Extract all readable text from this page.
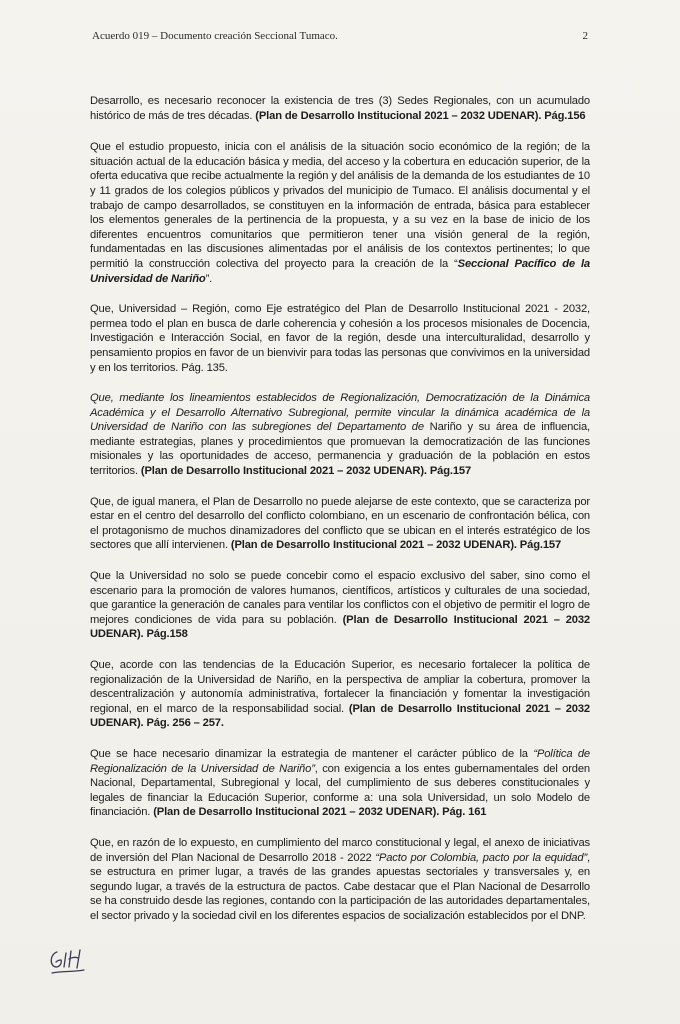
Acuerdo 019 – Documento creación Seccional Tumaco.	2

Desarrollo, es necesario reconocer la existencia de tres (3) Sedes Regionales, con un acumulado histórico de más de tres décadas. (Plan de Desarrollo Institucional 2021 – 2032 UDENAR). Pág.156

Que el estudio propuesto, inicia con el análisis de la situación socio económico de la región; de la situación actual de la educación básica y media, del acceso y la cobertura en educación superior, de la oferta educativa que recibe actualmente la región y del análisis de la demanda de los estudiantes de 10 y 11 grados de los colegios públicos y privados del municipio de Tumaco. El análisis documental y el trabajo de campo desarrollados, se constituyen en la información de entrada, básica para establecer los elementos generales de la pertinencia de la propuesta, y a su vez en la base de inicio de los diferentes encuentros comunitarios que permitieron tener una visión general de la región, fundamentadas en las discusiones alimentadas por el análisis de los contextos pertinentes; lo que permitió la construcción colectiva del proyecto para la creación de la “Seccional Pacífico de la Universidad de Nariño”.

Que, Universidad – Región, como Eje estratégico del Plan de Desarrollo Institucional 2021 - 2032, permea todo el plan en busca de darle coherencia y cohesión a los procesos misionales de Docencia, Investigación e Interacción Social, en favor de la región, desde una interculturalidad, desarrollo y pensamiento propios en favor de un bienvivir para todas las personas que convivimos en la universidad y en los territorios. Pág. 135.

Que, mediante los lineamientos establecidos de Regionalización, Democratización de la Dinámica Académica y el Desarrollo Alternativo Subregional, permite vincular la dinámica académica de la Universidad de Nariño con las subregiones del Departamento de Nariño y su área de influencia, mediante estrategias, planes y procedimientos que promuevan la democratización de las funciones misionales y las oportunidades de acceso, permanencia y graduación de la población en estos territorios. (Plan de Desarrollo Institucional 2021 – 2032 UDENAR). Pág.157

Que, de igual manera, el Plan de Desarrollo no puede alejarse de este contexto, que se caracteriza por estar en el centro del desarrollo del conflicto colombiano, en un escenario de confrontación bélica, con el protagonismo de muchos dinamizadores del conflicto que se ubican en el interés estratégico de los sectores que allí intervienen. (Plan de Desarrollo Institucional 2021 – 2032 UDENAR). Pág.157

Que la Universidad no solo se puede concebir como el espacio exclusivo del saber, sino como el escenario para la promoción de valores humanos, científicos, artísticos y culturales de una sociedad, que garantice la generación de canales para ventilar los conflictos con el objetivo de permitir el logro de mejores condiciones de vida para su población. (Plan de Desarrollo Institucional 2021 – 2032 UDENAR). Pág.158

Que, acorde con las tendencias de la Educación Superior, es necesario fortalecer la política de regionalización de la Universidad de Nariño, en la perspectiva de ampliar la cobertura, promover la descentralización y autonomía administrativa, fortalecer la financiación y fomentar la investigación regional, en el marco de la responsabilidad social. (Plan de Desarrollo Institucional 2021 – 2032 UDENAR). Pág. 256 – 257.

Que se hace necesario dinamizar la estrategia de mantener el carácter público de la “Política de Regionalización de la Universidad de Nariño”, con exigencia a los entes gubernamentales del orden Nacional, Departamental, Subregional y local, del cumplimiento de sus deberes constitucionales y legales de financiar la Educación Superior, conforme a: una sola Universidad, un solo Modelo de financiación. (Plan de Desarrollo Institucional 2021 – 2032 UDENAR). Pág. 161

Que, en razón de lo expuesto, en cumplimiento del marco constitucional y legal, el anexo de iniciativas de inversión del Plan Nacional de Desarrollo 2018 - 2022 “Pacto por Colombia, pacto por la equidad”, se estructura en primer lugar, a través de las grandes apuestas sectoriales y transversales y, en segundo lugar, a través de la estructura de pactos. Cabe destacar que el Plan Nacional de Desarrollo se ha construido desde las regiones, contando con la participación de las autoridades departamentales, el sector privado y la sociedad civil en los diferentes espacios de socialización establecidos por el DNP.
